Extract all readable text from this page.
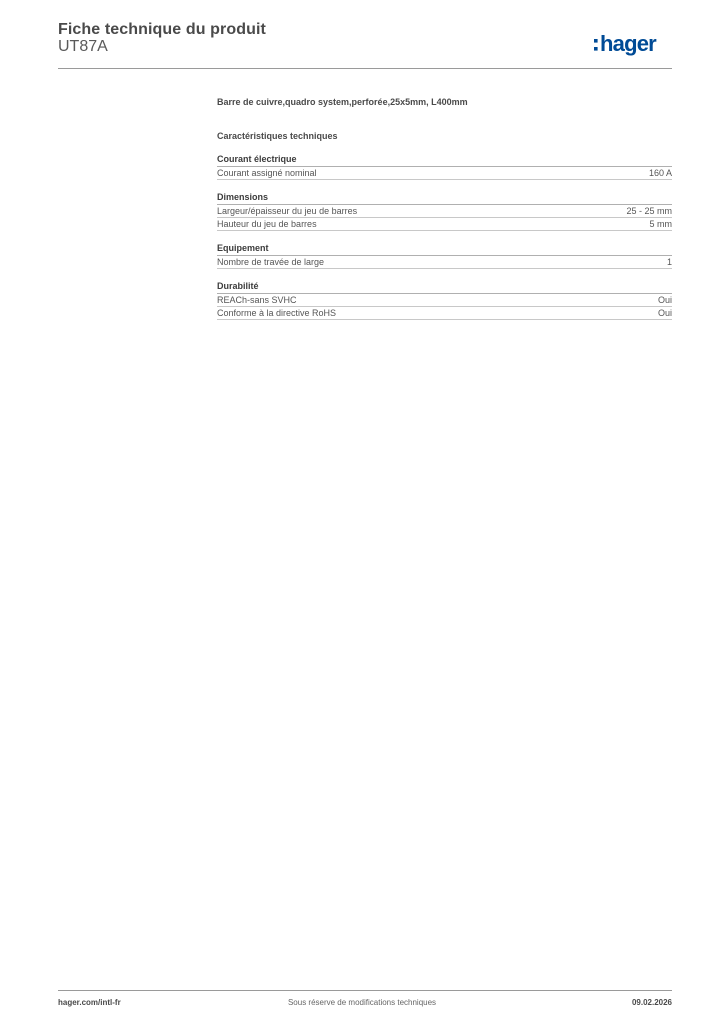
Fiche technique du produit
UT87A	hager
Barre de cuivre,quadro system,perforée,25x5mm, L400mm
Caractéristiques techniques
Courant électrique
Courant assigné nominal	160 A
Dimensions
Largeur/épaisseur du jeu de barres	25 - 25 mm
Hauteur du jeu de barres	5 mm
Equipement
Nombre de travée de large	1
Durabilité
REACh-sans SVHC	Oui
Conforme à la directive RoHS	Oui
hager.com/intl-fr	Sous réserve de modifications techniques	09.02.2026
